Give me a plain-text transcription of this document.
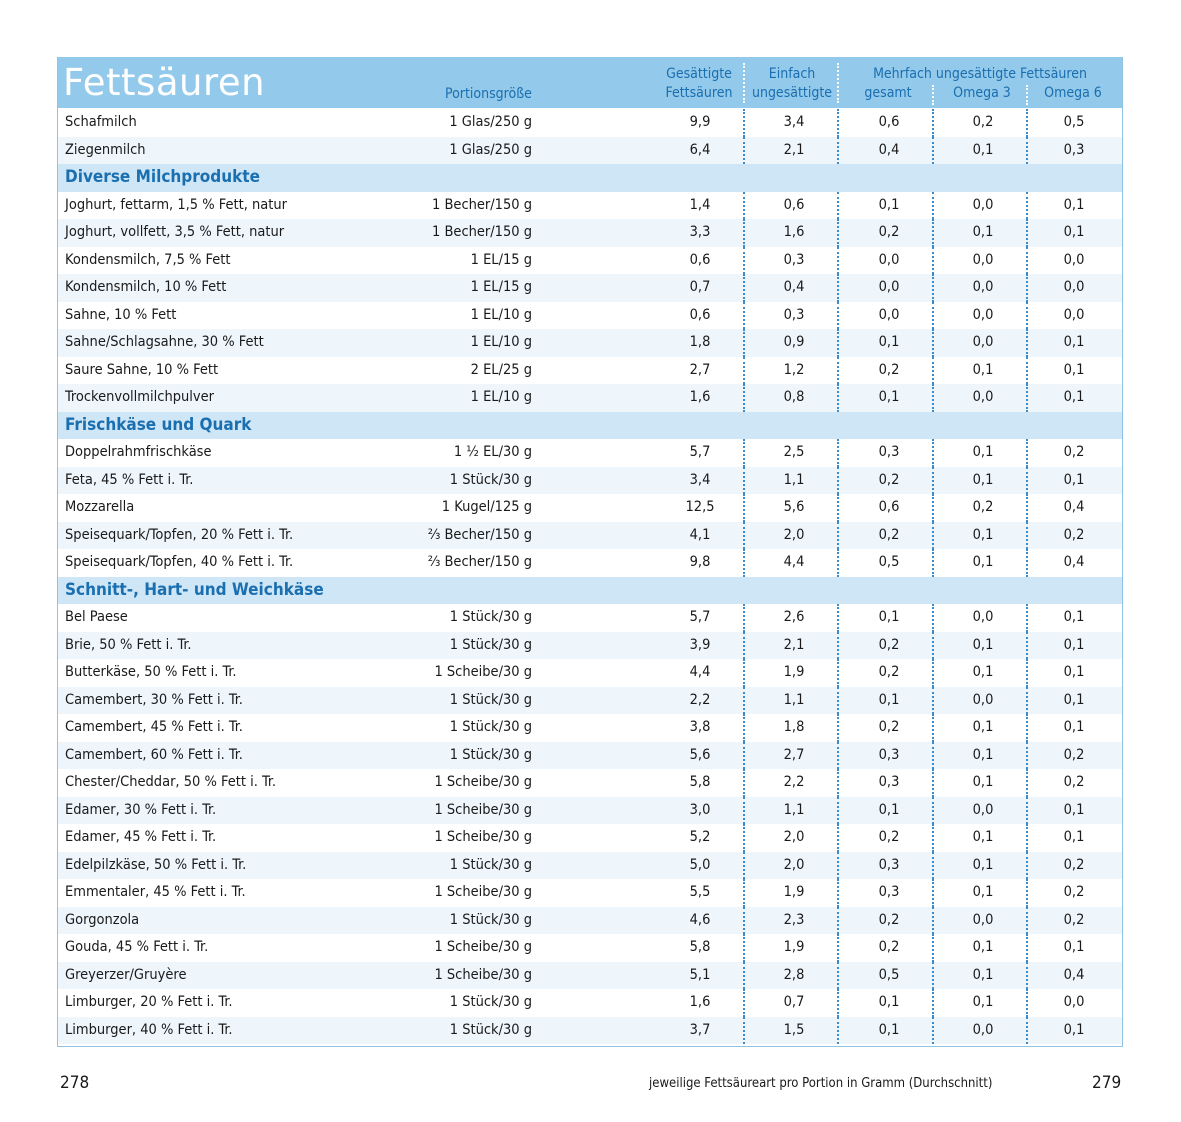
Fettsäuren	Portionsgröße
Gesättigte
Fettsäuren
Einfach
ungesättigte
Mehrfach ungesättigte Fettsäuren
gesamt	Omega 3	Omega 6
Schafmilch	1 Glas/250 g	9,9	3,4	0,6	0,2	0,5
Ziegenmilch	1 Glas/250 g	6,4	2,1	0,4	0,1	0,3
Diverse Milchprodukte
Joghurt, fettarm, 1,5 % Fett, natur	1 Becher/150 g	1,4	0,6	0,1	0,0	0,1
Joghurt, vollfett, 3,5 % Fett, natur	1 Becher/150 g	3,3	1,6	0,2	0,1	0,1
Kondensmilch, 7,5 % Fett	1 EL/15 g	0,6	0,3	0,0	0,0	0,0
Kondensmilch, 10 % Fett	1 EL/15 g	0,7	0,4	0,0	0,0	0,0
Sahne, 10 % Fett	1 EL/10 g	0,6	0,3	0,0	0,0	0,0
Sahne/Schlagsahne, 30 % Fett	1 EL/10 g	1,8	0,9	0,1	0,0	0,1
Saure Sahne, 10 % Fett	2 EL/25 g	2,7	1,2	0,2	0,1	0,1
Trockenvollmilchpulver	1 EL/10 g	1,6	0,8	0,1	0,0	0,1
Frischkäse und Quark
Doppelrahmfrischkäse	1 ½ EL/30 g	5,7	2,5	0,3	0,1	0,2
Feta, 45 % Fett i. Tr.	1 Stück/30 g	3,4	1,1	0,2	0,1	0,1
Mozzarella	1 Kugel/125 g	12,5	5,6	0,6	0,2	0,4
Speisequark/Topfen, 20 % Fett i. Tr.	⅔ Becher/150 g	4,1	2,0	0,2	0,1	0,2
Speisequark/Topfen, 40 % Fett i. Tr.	⅔ Becher/150 g	9,8	4,4	0,5	0,1	0,4
Schnitt-, Hart- und Weichkäse
Bel Paese	1 Stück/30 g	5,7	2,6	0,1	0,0	0,1
Brie, 50 % Fett i. Tr.	1 Stück/30 g	3,9	2,1	0,2	0,1	0,1
Butterkäse, 50 % Fett i. Tr.	1 Scheibe/30 g	4,4	1,9	0,2	0,1	0,1
Camembert, 30 % Fett i. Tr.	1 Stück/30 g	2,2	1,1	0,1	0,0	0,1
Camembert, 45 % Fett i. Tr.	1 Stück/30 g	3,8	1,8	0,2	0,1	0,1
Camembert, 60 % Fett i. Tr.	1 Stück/30 g	5,6	2,7	0,3	0,1	0,2
Chester/Cheddar, 50 % Fett i. Tr.	1 Scheibe/30 g	5,8	2,2	0,3	0,1	0,2
Edamer, 30 % Fett i. Tr.	1 Scheibe/30 g	3,0	1,1	0,1	0,0	0,1
Edamer, 45 % Fett i. Tr.	1 Scheibe/30 g	5,2	2,0	0,2	0,1	0,1
Edelpilzkäse, 50 % Fett i. Tr.	1 Stück/30 g	5,0	2,0	0,3	0,1	0,2
Emmentaler, 45 % Fett i. Tr.	1 Scheibe/30 g	5,5	1,9	0,3	0,1	0,2
Gorgonzola	1 Stück/30 g	4,6	2,3	0,2	0,0	0,2
Gouda, 45 % Fett i. Tr.	1 Scheibe/30 g	5,8	1,9	0,2	0,1	0,1
Greyerzer/Gruyère	1 Scheibe/30 g	5,1	2,8	0,5	0,1	0,4
Limburger, 20 % Fett i. Tr.	1 Stück/30 g	1,6	0,7	0,1	0,1	0,0
Limburger, 40 % Fett i. Tr.	1 Stück/30 g	3,7	1,5	0,1	0,0	0,1
278	jeweilige Fettsäureart pro Portion in Gramm (Durchschnitt)	279
